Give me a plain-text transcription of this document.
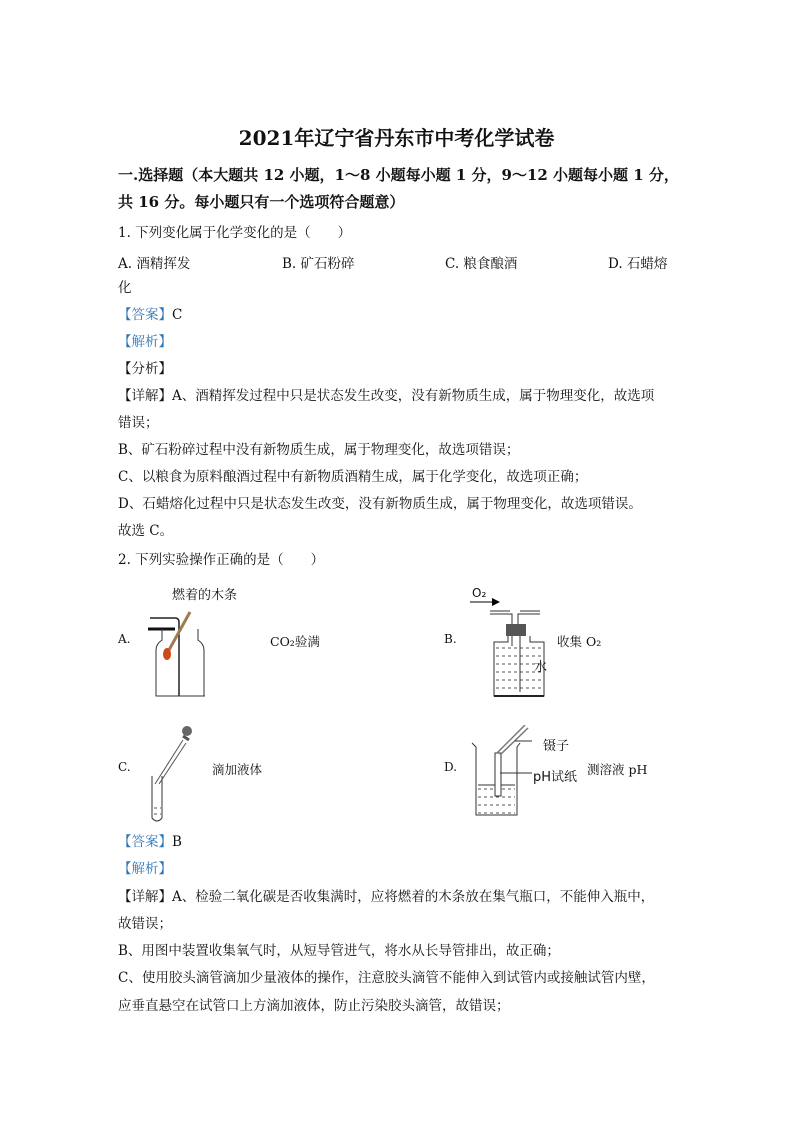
2021年辽宁省丹东市中考化学试卷
一.选择题（本大题共 12 小题，1～8 小题每小题 1 分，9～12 小题每小题 1 分，
共 16 分。每小题只有一个选项符合题意）
1. 下列变化属于化学变化的是（　　）
A. 酒精挥发	B. 矿石粉碎	C. 粮食酿酒	D. 石蜡熔
化
【答案】C
【解析】
【分析】
【详解】A、酒精挥发过程中只是状态发生改变，没有新物质生成，属于物理变化，故选项
错误；
B、矿石粉碎过程中没有新物质生成，属于物理变化，故选项错误；
C、以粮食为原料酿酒过程中有新物质酒精生成，属于化学变化，故选项正确；
D、石蜡熔化过程中只是状态发生改变，没有新物质生成，属于物理变化，故选项错误。
故选 C。
2. 下列实验操作正确的是（　　）
A.
燃着的木条
CO₂验满	B.
O₂
水
收集 O₂
C.	滴加液体	D.
镊子
pH试纸
测溶液 pH
【答案】B
【解析】
【详解】A、检验二氧化碳是否收集满时，应将燃着的木条放在集气瓶口，不能伸入瓶中，
故错误；
B、用图中装置收集氧气时，从短导管进气，将水从长导管排出，故正确；
C、使用胶头滴管滴加少量液体的操作，注意胶头滴管不能伸入到试管内或接触试管内壁，
应垂直悬空在试管口上方滴加液体，防止污染胶头滴管，故错误；
